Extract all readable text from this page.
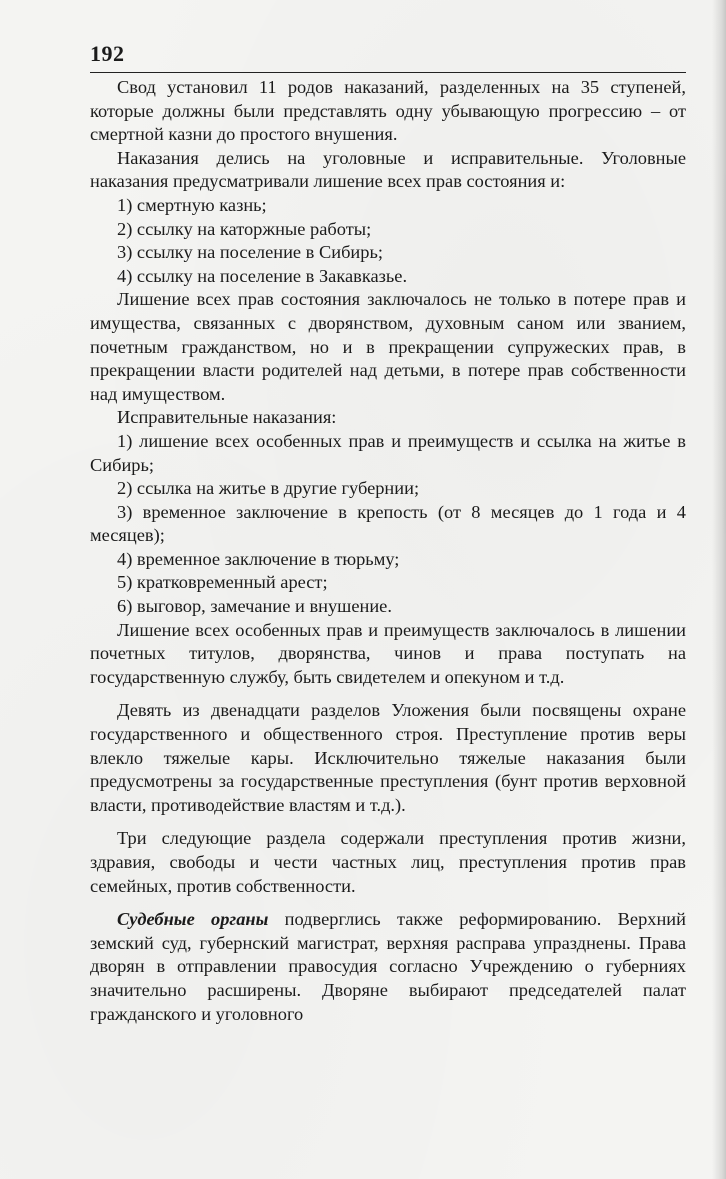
192

Свод установил 11 родов наказаний, разделенных на 35 ступеней, которые должны были представлять одну убывающую прогрессию – от смертной казни до простого внушения.

Наказания делись на уголовные и исправительные. Уголовные наказания предусматривали лишение всех прав состояния и:

1) смертную казнь;

2) ссылку на каторжные работы;

3) ссылку на поселение в Сибирь;

4) ссылку на поселение в Закавказье.

Лишение всех прав состояния заключалось не только в потере прав и имущества, связанных с дворянством, духовным саном или званием, почетным гражданством, но и в прекращении супружеских прав, в прекращении власти родителей над детьми, в потере прав собственности над имуществом.

Исправительные наказания:

1) лишение всех особенных прав и преимуществ и ссылка на житье в Сибирь;

2) ссылка на житье в другие губернии;

3) временное заключение в крепость (от 8 месяцев до 1 года и 4 месяцев);

4) временное заключение в тюрьму;

5) кратковременный арест;

6) выговор, замечание и внушение.

Лишение всех особенных прав и преимуществ заключалось в лишении почетных титулов, дворянства, чинов и права поступать на государственную службу, быть свидетелем и опекуном и т.д.

Девять из двенадцати разделов Уложения были посвящены охране государственного и общественного строя. Преступление против веры влекло тяжелые кары. Исключительно тяжелые наказания были предусмотрены за государственные преступления (бунт против верховной власти, противодействие властям и т.д.).

Три следующие раздела содержали преступления против жизни, здравия, свободы и чести частных лиц, преступления против прав семейных, против собственности.

Судебные органы подверглись также реформированию. Верхний земский суд, губернский магистрат, верхняя расправа упразднены. Права дворян в отправлении правосудия согласно Учреждению о губерниях значительно расширены. Дворяне выбирают председателей палат гражданского и уголовного
